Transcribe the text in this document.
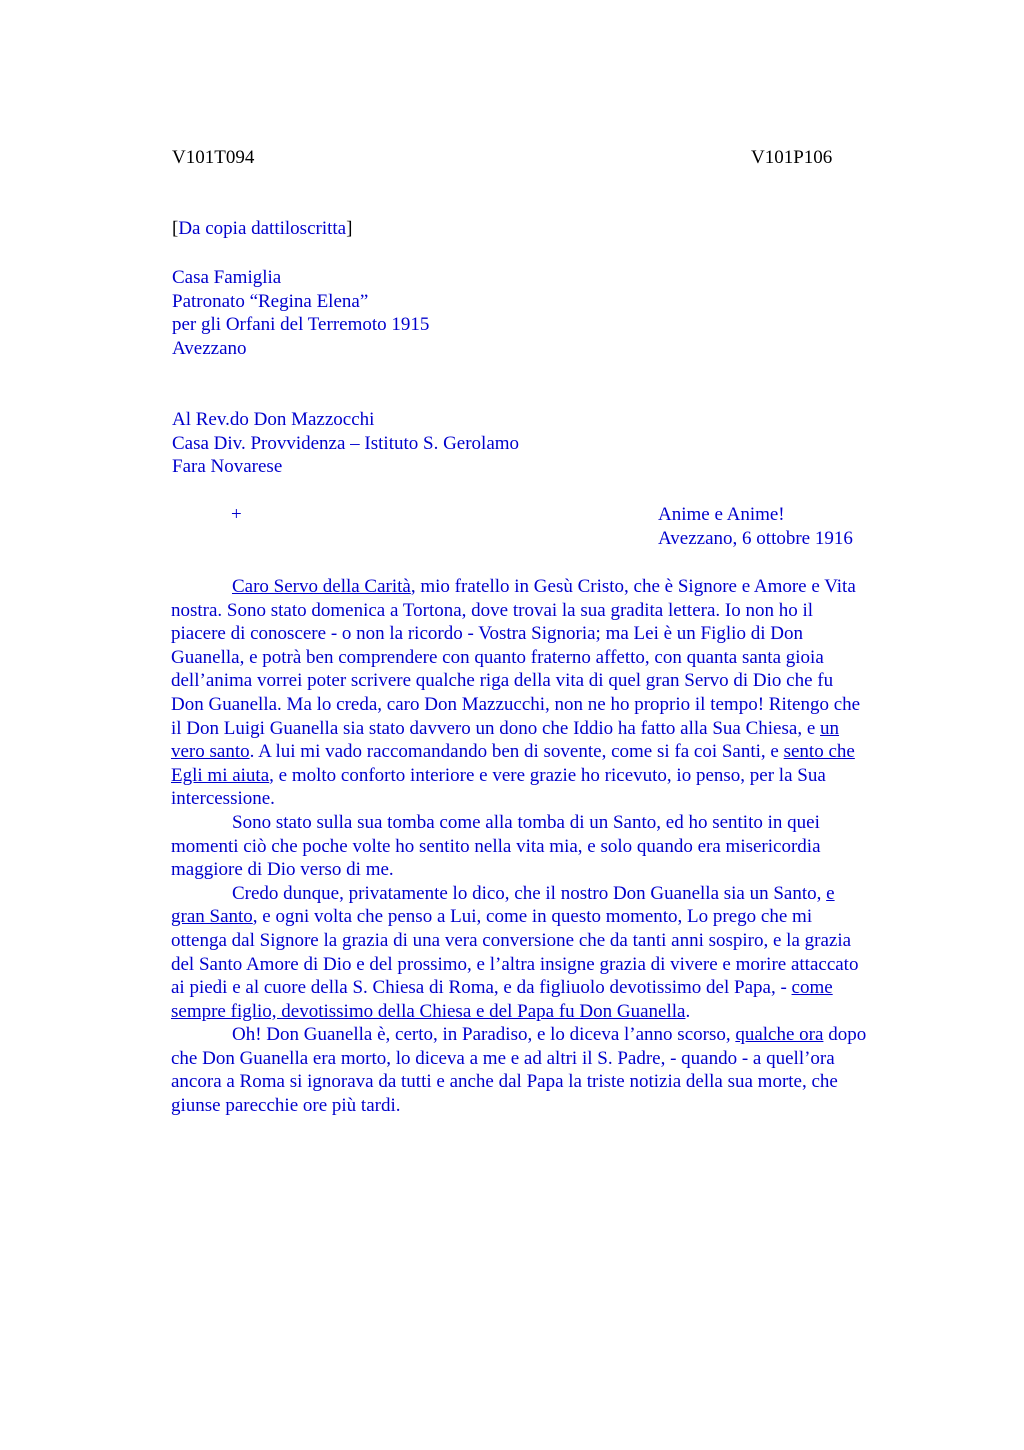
V101T094	V101P106
[Da copia dattiloscritta]
Casa Famiglia
Patronato “Regina Elena”
per gli Orfani del Terremoto 1915
Avezzano
Al Rev.do Don Mazzocchi
Casa Div. Provvidenza – Istituto S. Gerolamo
Fara Novarese
+	Anime e Anime!
Avezzano, 6 ottobre 1916
Caro Servo della Carità, mio fratello in Gesù Cristo, che è Signore e Amore e Vita
nostra. Sono stato domenica a Tortona, dove trovai la sua gradita lettera. Io non ho il
piacere di conoscere - o non la ricordo - Vostra Signoria; ma Lei è un Figlio di Don
Guanella, e potrà ben comprendere con quanto fraterno affetto, con quanta santa gioia
dell’anima vorrei poter scrivere qualche riga della vita di quel gran Servo di Dio che fu
Don Guanella. Ma lo creda, caro Don Mazzucchi, non ne ho proprio il tempo! Ritengo che
il Don Luigi Guanella sia stato davvero un dono che Iddio ha fatto alla Sua Chiesa, e un
vero santo. A lui mi vado raccomandando ben di sovente, come si fa coi Santi, e sento che
Egli mi aiuta, e molto conforto interiore e vere grazie ho ricevuto, io penso, per la Sua
intercessione.
Sono stato sulla sua tomba come alla tomba di un Santo, ed ho sentito in quei
momenti ciò che poche volte ho sentito nella vita mia, e solo quando era misericordia
maggiore di Dio verso di me.
Credo dunque, privatamente lo dico, che il nostro Don Guanella sia un Santo, e
gran Santo, e ogni volta che penso a Lui, come in questo momento, Lo prego che mi
ottenga dal Signore la grazia di una vera conversione che da tanti anni sospiro, e la grazia
del Santo Amore di Dio e del prossimo, e l’altra insigne grazia di vivere e morire attaccato
ai piedi e al cuore della S. Chiesa di Roma, e da figliuolo devotissimo del Papa, - come
sempre figlio, devotissimo della Chiesa e del Papa fu Don Guanella.
Oh! Don Guanella è, certo, in Paradiso, e lo diceva l’anno scorso, qualche ora dopo
che Don Guanella era morto, lo diceva a me e ad altri il S. Padre, - quando - a quell’ora
ancora a Roma si ignorava da tutti e anche dal Papa la triste notizia della sua morte, che
giunse parecchie ore più tardi.
